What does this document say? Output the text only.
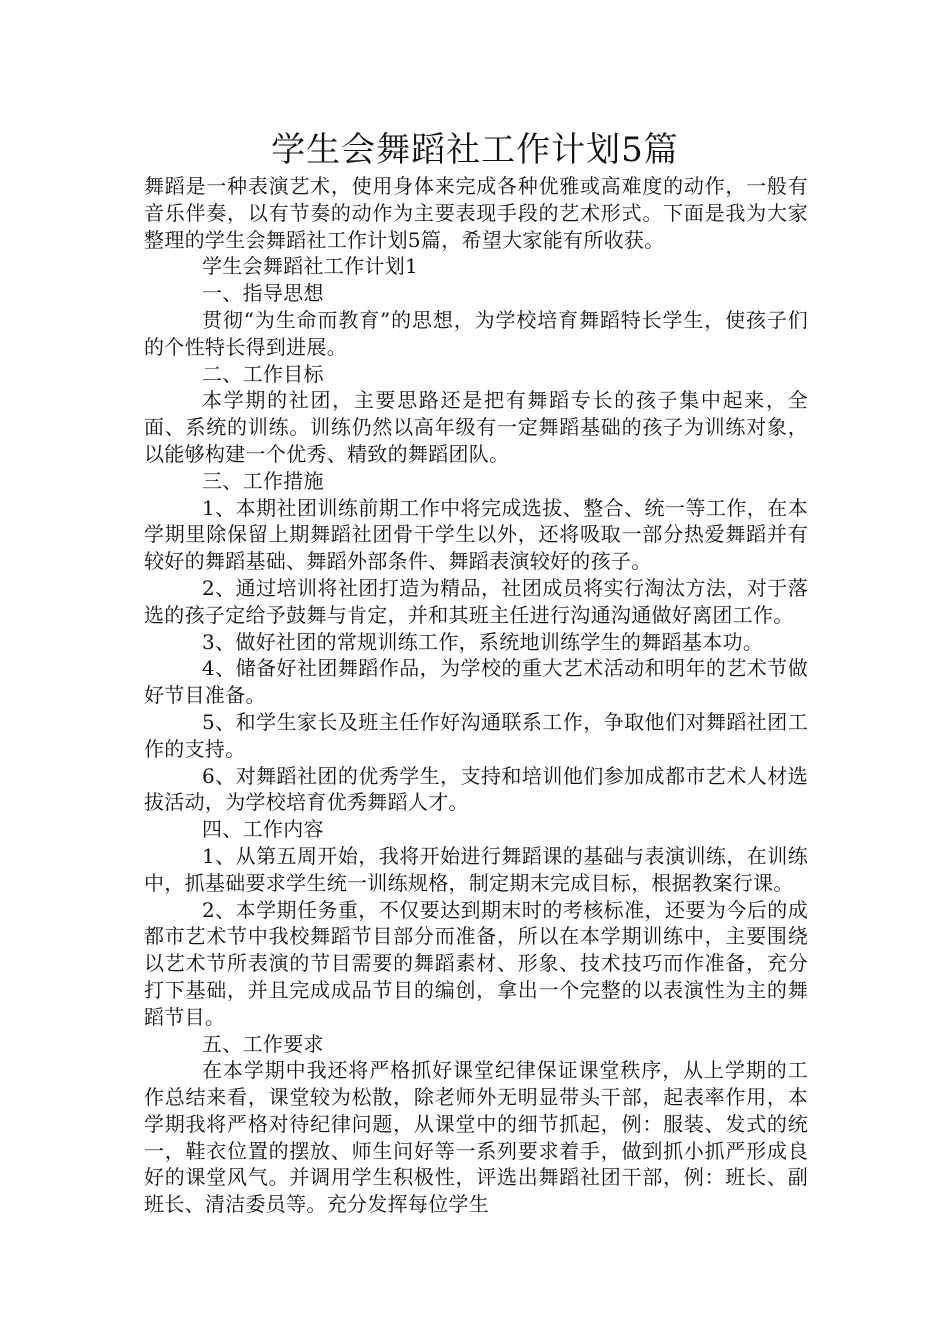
学生会舞蹈社工作计划5篇

舞蹈是一种表演艺术，使用身体来完成各种优雅或高难度的动作，一般有音乐伴奏，以有节奏的动作为主要表现手段的艺术形式。下面是我为大家整理的学生会舞蹈社工作计划5篇，希望大家能有所收获。

学生会舞蹈社工作计划1

一、指导思想

贯彻“为生命而教育”的思想，为学校培育舞蹈特长学生，使孩子们的个性特长得到进展。

二、工作目标

本学期的社团，主要思路还是把有舞蹈专长的孩子集中起来，全面、系统的训练。训练仍然以高年级有一定舞蹈基础的孩子为训练对象，以能够构建一个优秀、精致的舞蹈团队。

三、工作措施

1、本期社团训练前期工作中将完成选拔、整合、统一等工作，在本学期里除保留上期舞蹈社团骨干学生以外，还将吸取一部分热爱舞蹈并有较好的舞蹈基础、舞蹈外部条件、舞蹈表演较好的孩子。

2、通过培训将社团打造为精品，社团成员将实行淘汰方法，对于落选的孩子定给予鼓舞与肯定，并和其班主任进行沟通沟通做好离团工作。

3、做好社团的常规训练工作，系统地训练学生的舞蹈基本功。

4、储备好社团舞蹈作品，为学校的重大艺术活动和明年的艺术节做好节目准备。

5、和学生家长及班主任作好沟通联系工作，争取他们对舞蹈社团工作的支持。

6、对舞蹈社团的优秀学生，支持和培训他们参加成都市艺术人材选拔活动，为学校培育优秀舞蹈人才。

四、工作内容

1、从第五周开始，我将开始进行舞蹈课的基础与表演训练，在训练中，抓基础要求学生统一训练规格，制定期末完成目标，根据教案行课。

2、本学期任务重，不仅要达到期末时的考核标准，还要为今后的成都市艺术节中我校舞蹈节目部分而准备，所以在本学期训练中，主要围绕以艺术节所表演的节目需要的舞蹈素材、形象、技术技巧而作准备，充分打下基础，并且完成成品节目的编创，拿出一个完整的以表演性为主的舞蹈节目。

五、工作要求

在本学期中我还将严格抓好课堂纪律保证课堂秩序，从上学期的工作总结来看，课堂较为松散，除老师外无明显带头干部，起表率作用，本学期我将严格对待纪律问题，从课堂中的细节抓起，例：服装、发式的统一，鞋衣位置的摆放、师生问好等一系列要求着手，做到抓小抓严形成良好的课堂风气。并调用学生积极性，评选出舞蹈社团干部，例：班长、副班长、清洁委员等。充分发挥每位学生
